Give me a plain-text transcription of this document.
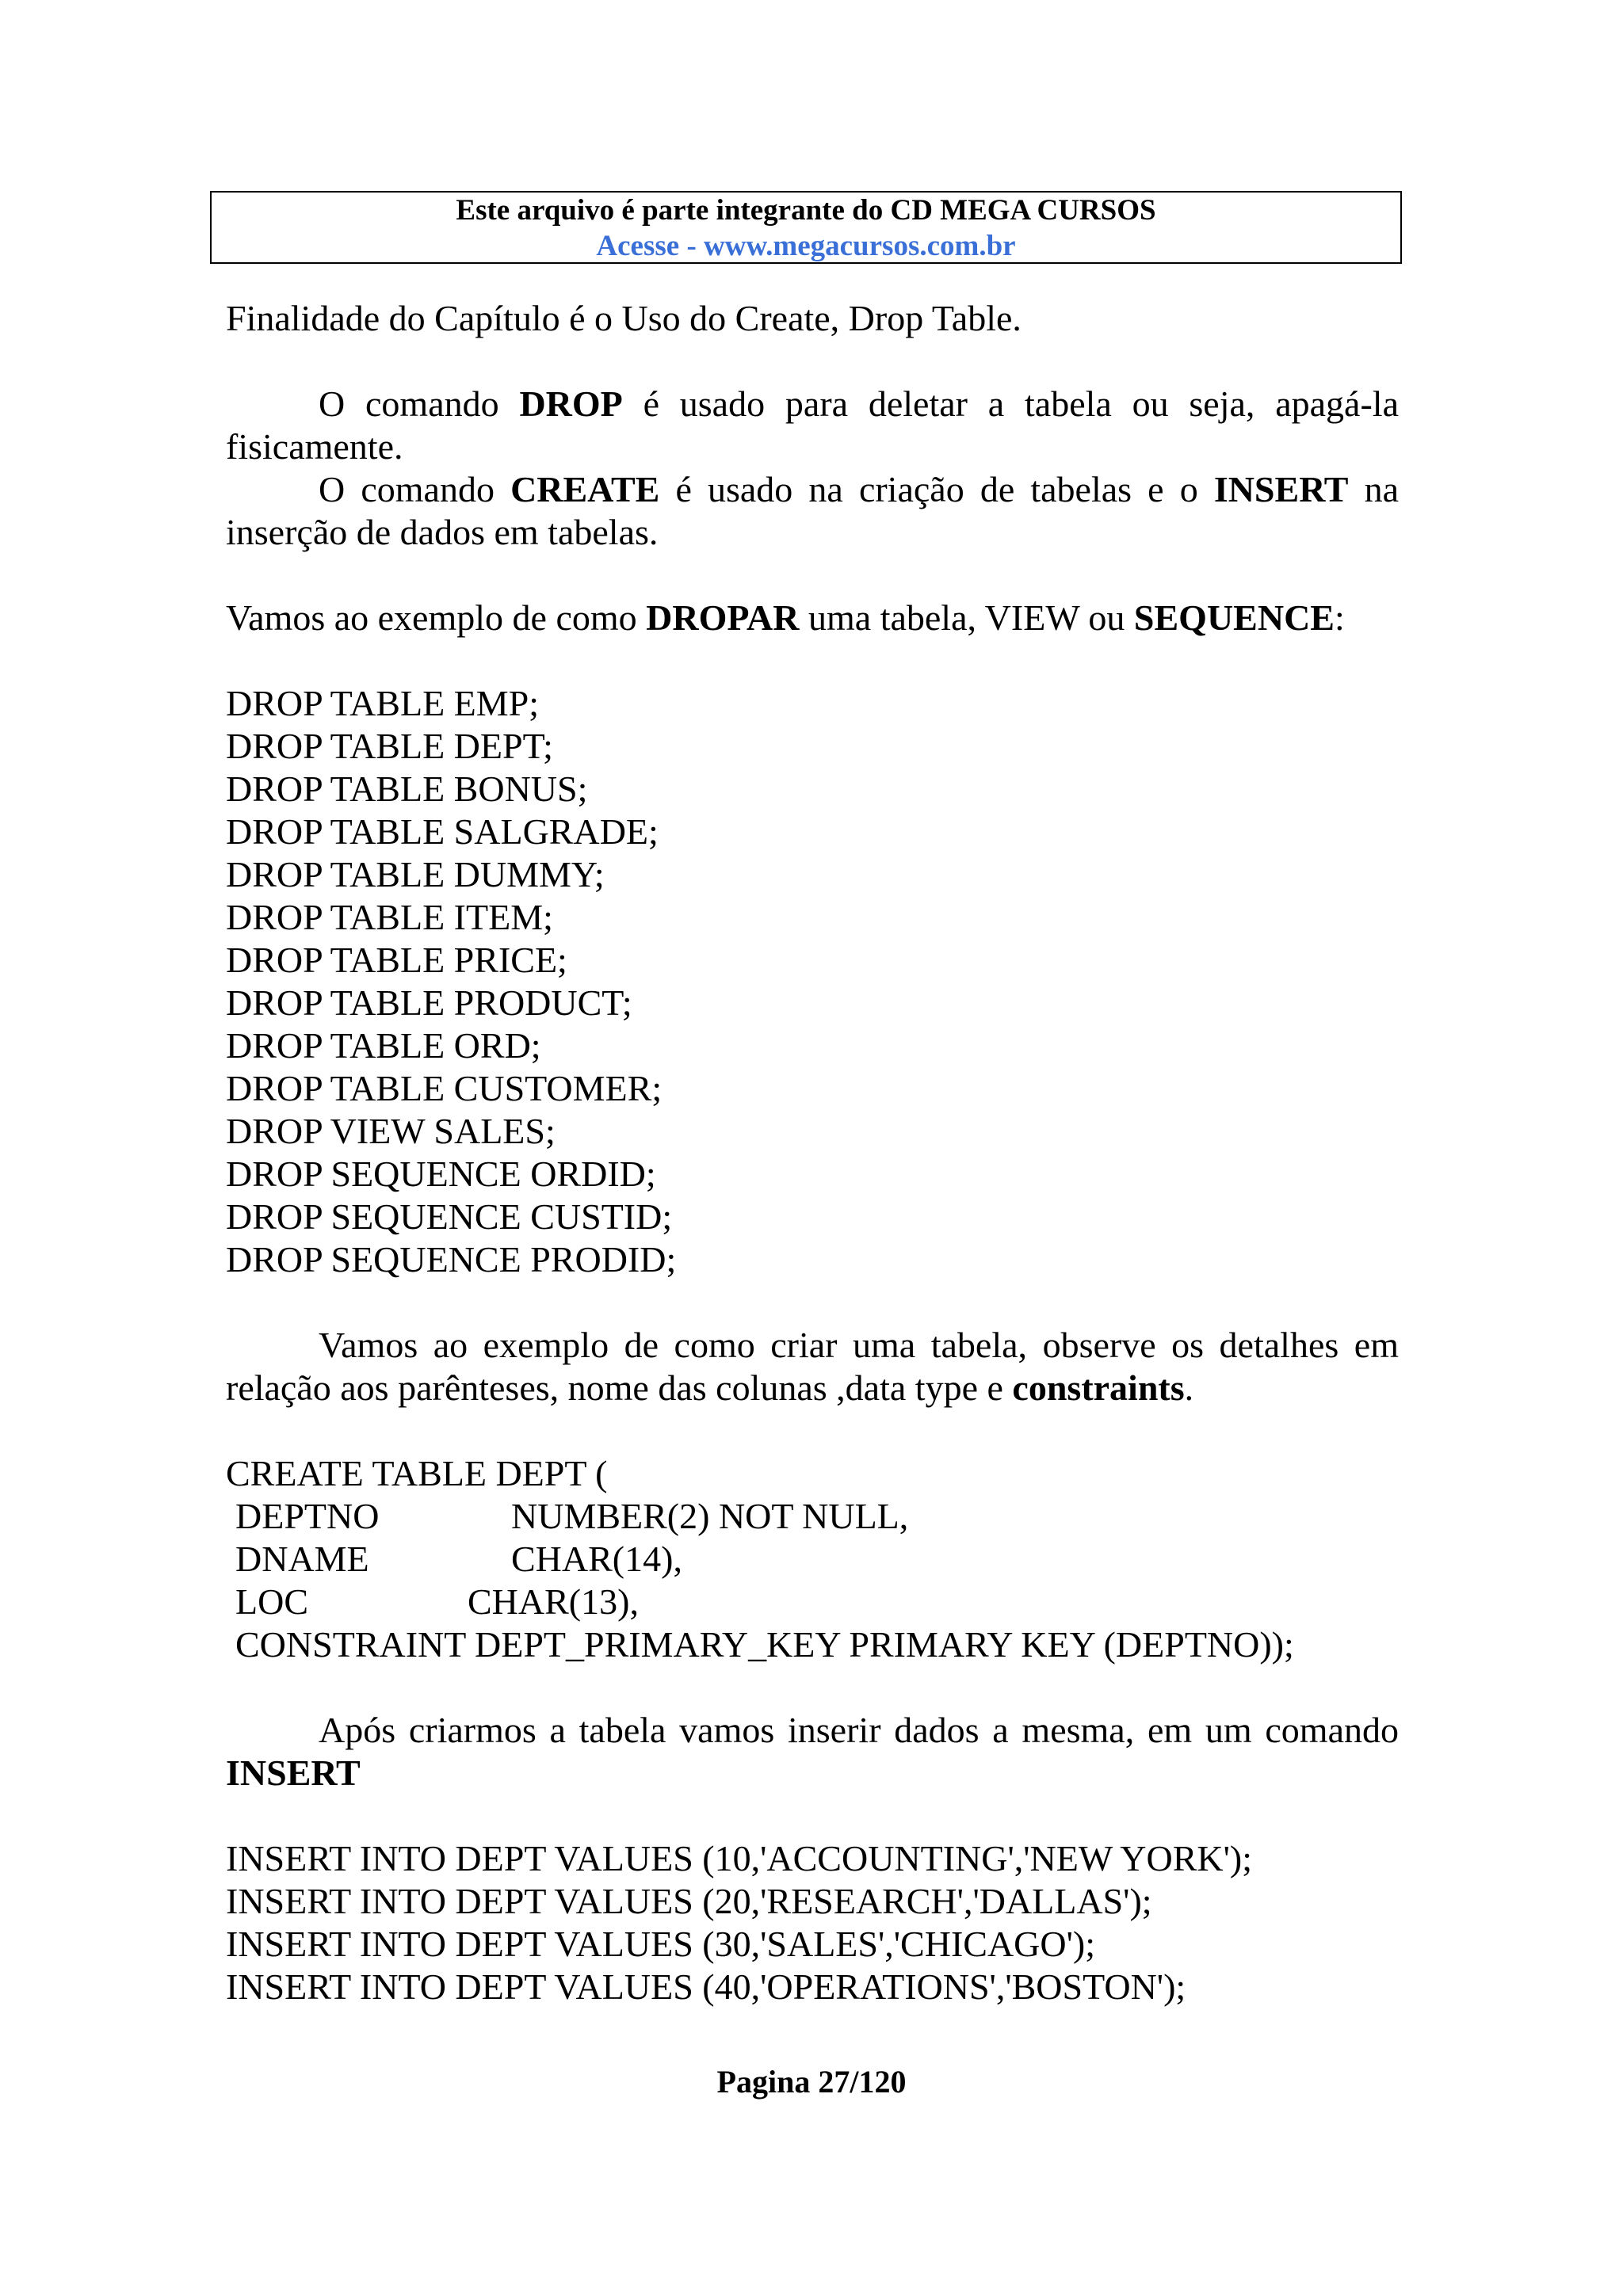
Este arquivo é parte integrante do CD MEGA CURSOS
Acesse - www.megacursos.com.br

Finalidade do Capítulo é o Uso do Create, Drop Table.

O comando DROP é usado para deletar a tabela ou seja, apagá-la fisicamente.

O comando CREATE é usado na criação de tabelas e o INSERT na inserção de dados em tabelas.

Vamos ao exemplo de como DROPAR uma tabela, VIEW ou SEQUENCE:

DROP TABLE EMP;

DROP TABLE DEPT;

DROP TABLE BONUS;

DROP TABLE SALGRADE;

DROP TABLE DUMMY;

DROP TABLE ITEM;

DROP TABLE PRICE;

DROP TABLE PRODUCT;

DROP TABLE ORD;

DROP TABLE CUSTOMER;

DROP VIEW SALES;

DROP SEQUENCE ORDID;

DROP SEQUENCE CUSTID;

DROP SEQUENCE PRODID;

Vamos ao exemplo de como criar uma tabela, observe os detalhes em relação aos parênteses, nome das colunas ,data type e constraints.

CREATE TABLE DEPT (

DEPTNO	NUMBER(2) NOT NULL,
DNAME	CHAR(14),
LOC	CHAR(13),

CONSTRAINT DEPT_PRIMARY_KEY PRIMARY KEY (DEPTNO));

Após criarmos a tabela vamos inserir dados a mesma, em um comando INSERT

INSERT INTO DEPT VALUES (10,'ACCOUNTING','NEW YORK');

INSERT INTO DEPT VALUES (20,'RESEARCH','DALLAS');

INSERT INTO DEPT VALUES (30,'SALES','CHICAGO');

INSERT INTO DEPT VALUES (40,'OPERATIONS','BOSTON');

Pagina 27/120
